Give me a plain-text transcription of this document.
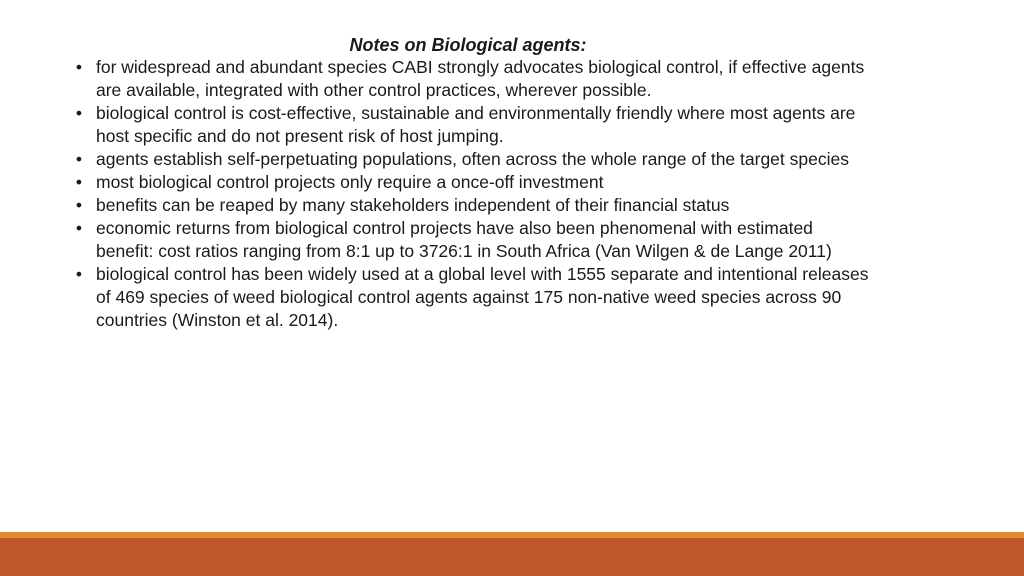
Notes on Biological agents:
• for widespread and abundant species CABI strongly advocates biological control, if effective agents are available, integrated with other control practices, wherever possible.
• biological control is cost-effective, sustainable and environmentally friendly where most agents are host specific and do not present risk of host jumping.
• agents establish self-perpetuating populations, often across the whole range of the target species
• most biological control projects only require a once-off investment
• benefits can be reaped by many stakeholders independent of their financial status
• economic returns from biological control projects have also been phenomenal with estimated benefit: cost ratios ranging from 8:1 up to 3726:1 in South Africa (Van Wilgen & de Lange 2011)
• biological control has been widely used at a global level with 1555 separate and intentional releases of 469 species of weed biological control agents against 175 non-native weed species across 90 countries (Winston et al. 2014).
